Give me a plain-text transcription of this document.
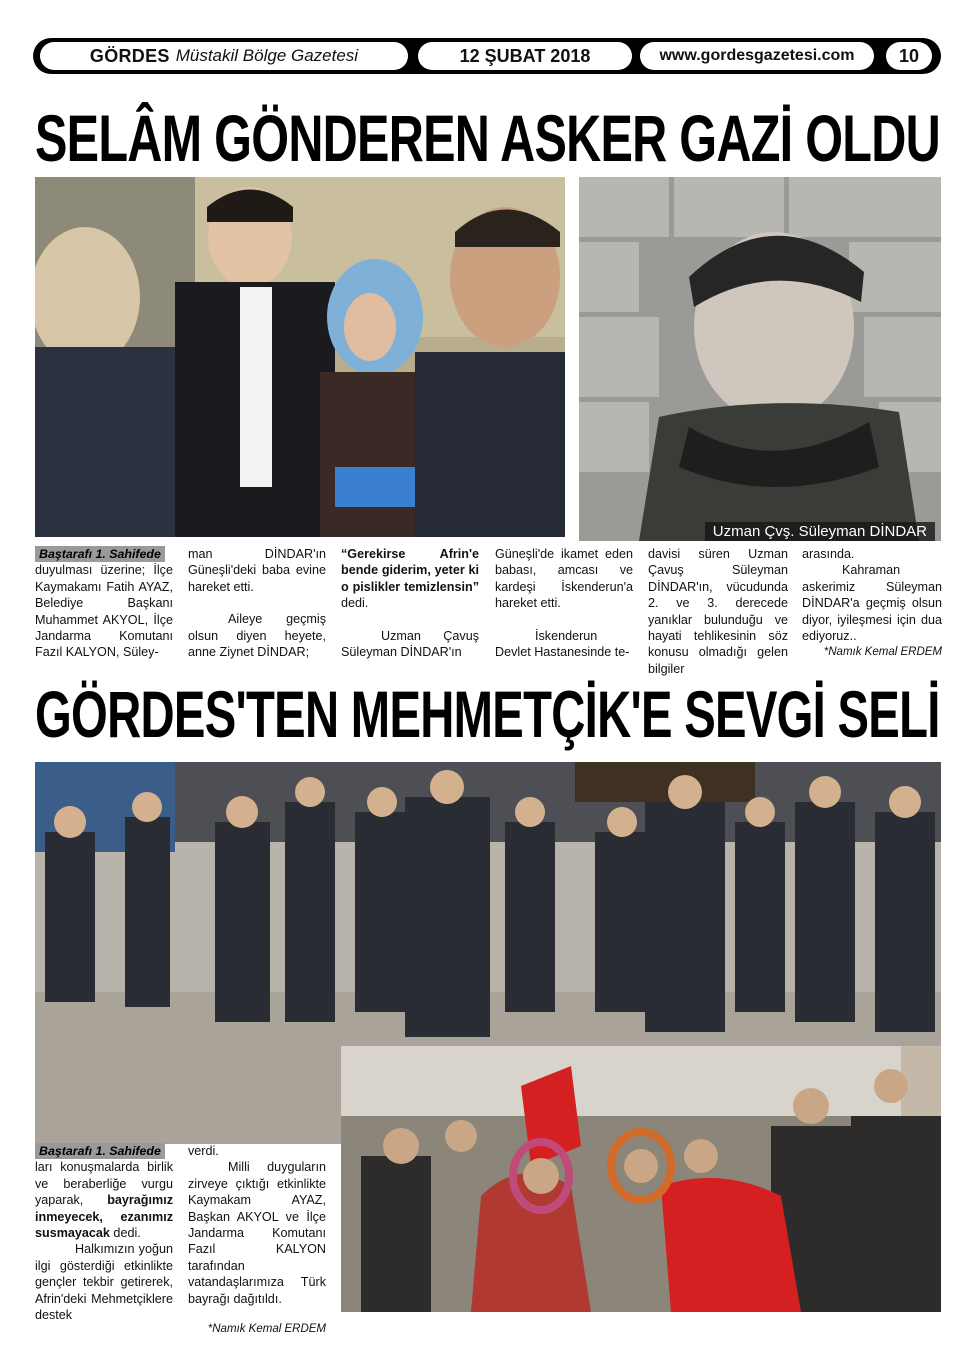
GÖRDES Müstakil Bölge Gazetesi	12 ŞUBAT 2018	www.gordesgazetesi.com	10
SELÂM GÖNDEREN ASKER GAZİ OLDU
Uzman Çvş. Süleyman DİNDAR
Baştarafı 1. Sahifede

duyulması üzerine; İlçe Kaymakamı Fatih AYAZ, Belediye Başkanı Muhammet AKYOL, İlçe Jandarma Komutanı Fazıl KALYON, Süley-

man DİNDAR'ın Güneşli'deki baba evine hareket etti.

Aileye geçmiş olsun diyen heyete, anne Ziynet DİNDAR;

“Gerekirse Afrin'e bende giderim, yeter ki o pislikler temizlensin” dedi.

Uzman Çavuş Süleyman DİNDAR'ın

Güneşli'de ikamet eden babası, amcası ve kardeşi İskenderun'a hareket etti.

İskenderun Devlet Hastanesinde te-

davisi süren Uzman Çavuş Süleyman DİNDAR'ın, vücudunda 2. ve 3. derecede yanıklar bulunduğu ve hayati tehlikesinin söz konusu olmadığı gelen bilgiler

arasında.

Kahraman askerimiz Süleyman DİNDAR'a geçmiş olsun diyor, iyileşmesi için dua ediyoruz..

*Namık Kemal ERDEM

GÖRDES'TEN MEHMETÇİK'E SEVGİ SELİ
Baştarafı 1. Sahifede

ları konuşmalarda birlik ve beraberliğe vurgu yaparak, bayrağımız inmeyecek, ezanımız susmayacak dedi.

Halkımızın yoğun ilgi gösterdiği etkinlikte gençler tekbir getirerek, Afrin'deki Mehmetçiklere destek

verdi.

Milli duyguların zirveye çıktığı etkinlikte Kaymakam AYAZ, Başkan AKYOL ve İlçe Jandarma Komutanı Fazıl KALYON tarafından vatandaşlarımıza Türk bayrağı dağıtıldı.

*Namık Kemal ERDEM
